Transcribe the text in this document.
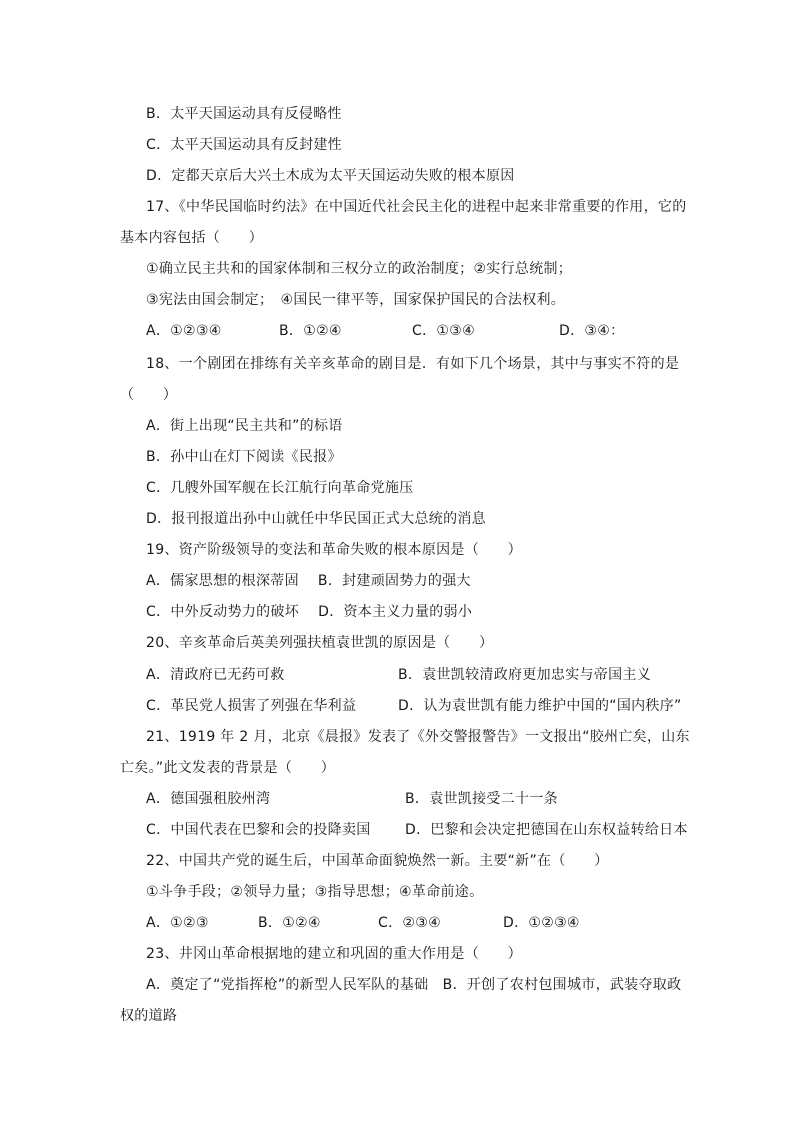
B．太平天国运动具有反侵略性
C．太平天国运动具有反封建性
D．定都天京后大兴土木成为太平天国运动失败的根本原因
17、《中华民国临时约法》在中国近代社会民主化的进程中起来非常重要的作用，它的
基本内容包括（　　）
①确立民主共和的国家体制和三权分立的政治制度；②实行总统制；
③宪法由国会制定；　④国民一律平等，国家保护国民的合法权利。
A．①②③④	B．①②④	C．①③④	D．③④：
18、一个剧团在排练有关辛亥革命的剧目是．有如下几个场景，其中与事实不符的是
（　　）
A．街上出现“民主共和”的标语
B．孙中山在灯下阅读《民报》
C．几艘外国军舰在长江航行向革命党施压
D．报刊报道出孙中山就任中华民国正式大总统的消息
19、资产阶级领导的变法和革命失败的根本原因是（　　）
A．儒家思想的根深蒂固　 B．封建顽固势力的强大
C．中外反动势力的破坏　 D．资本主义力量的弱小
20、辛亥革命后英美列强扶植袁世凯的原因是（　　）
A．清政府已无药可救	B．袁世凯较清政府更加忠实与帝国主义
C．革民党人损害了列强在华利益	D．认为袁世凯有能力维护中国的“国内秩序”
21、1919 年 2 月，北京《晨报》发表了《外交警报警告》一文报出“胶州亡矣，山东
亡矣。”此文发表的背景是（　　）
A．德国强租胶州湾	B．袁世凯接受二十一条
C．中国代表在巴黎和会的投降卖国 D．巴黎和会决定把德国在山东权益转给日本
22、中国共产党的诞生后，中国革命面貌焕然一新。主要“新”在（　　）
①斗争手段；②领导力量；③指导思想；④革命前途。
A．①②③	B．①②④	C．②③④	D．①②③④
23、井冈山革命根据地的建立和巩固的重大作用是（　　）
A．奠定了“党指挥枪”的新型人民军队的基础　B．开创了农村包围城市，武装夺取政
权的道路
